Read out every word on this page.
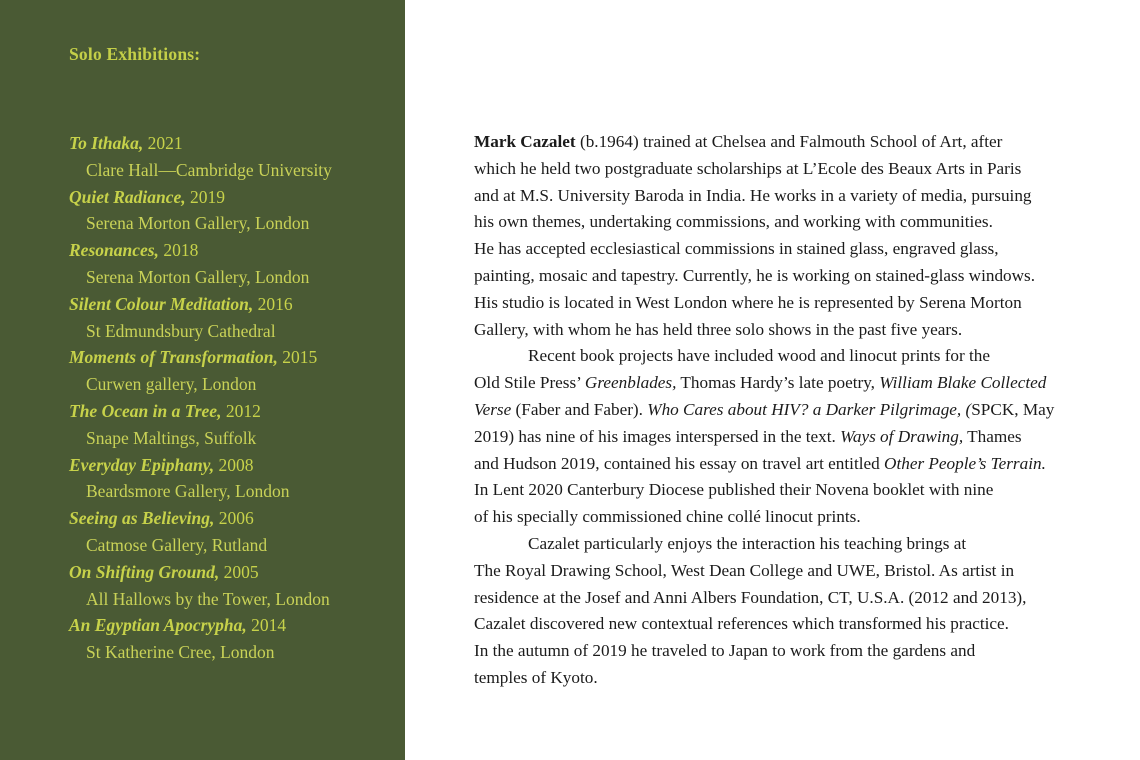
Solo Exhibitions:
To Ithaka, 2021
Clare Hall—Cambridge University
Quiet Radiance, 2019
Serena Morton Gallery, London
Resonances, 2018
Serena Morton Gallery, London
Silent Colour Meditation, 2016
St Edmundsbury Cathedral
Moments of Transformation, 2015
Curwen gallery, London
The Ocean in a Tree, 2012
Snape Maltings, Suffolk
Everyday Epiphany, 2008
Beardsmore Gallery, London
Seeing as Believing, 2006
Catmose Gallery, Rutland
On Shifting Ground, 2005
All Hallows by the Tower, London
An Egyptian Apocrypha, 2014
St Katherine Cree, London

Mark Cazalet (b.1964) trained at Chelsea and Falmouth School of Art, after
which he held two postgraduate scholarships at L’Ecole des Beaux Arts in Paris
and at M.S. University Baroda in India. He works in a variety of media, pursuing
his own themes, undertaking commissions, and working with communities.
He has accepted ecclesiastical commissions in stained glass, engraved glass,
painting, mosaic and tapestry. Currently, he is working on stained-glass windows.
His studio is located in West London where he is represented by Serena Morton
Gallery, with whom he has held three solo shows in the past five years.

Recent book projects have included wood and linocut prints for the
Old Stile Press’ Greenblades, Thomas Hardy’s late poetry, William Blake Collected
Verse (Faber and Faber). Who Cares about HIV? a Darker Pilgrimage, (SPCK, May
2019) has nine of his images interspersed in the text. Ways of Drawing, Thames
and Hudson 2019, contained his essay on travel art entitled Other People’s Terrain.
In Lent 2020 Canterbury Diocese published their Novena booklet with nine
of his specially commissioned chine collé linocut prints.

Cazalet particularly enjoys the interaction his teaching brings at
The Royal Drawing School, West Dean College and UWE, Bristol. As artist in
residence at the Josef and Anni Albers Foundation, CT, U.S.A. (2012 and 2013),
Cazalet discovered new contextual references which transformed his practice.
In the autumn of 2019 he traveled to Japan to work from the gardens and
temples of Kyoto.
